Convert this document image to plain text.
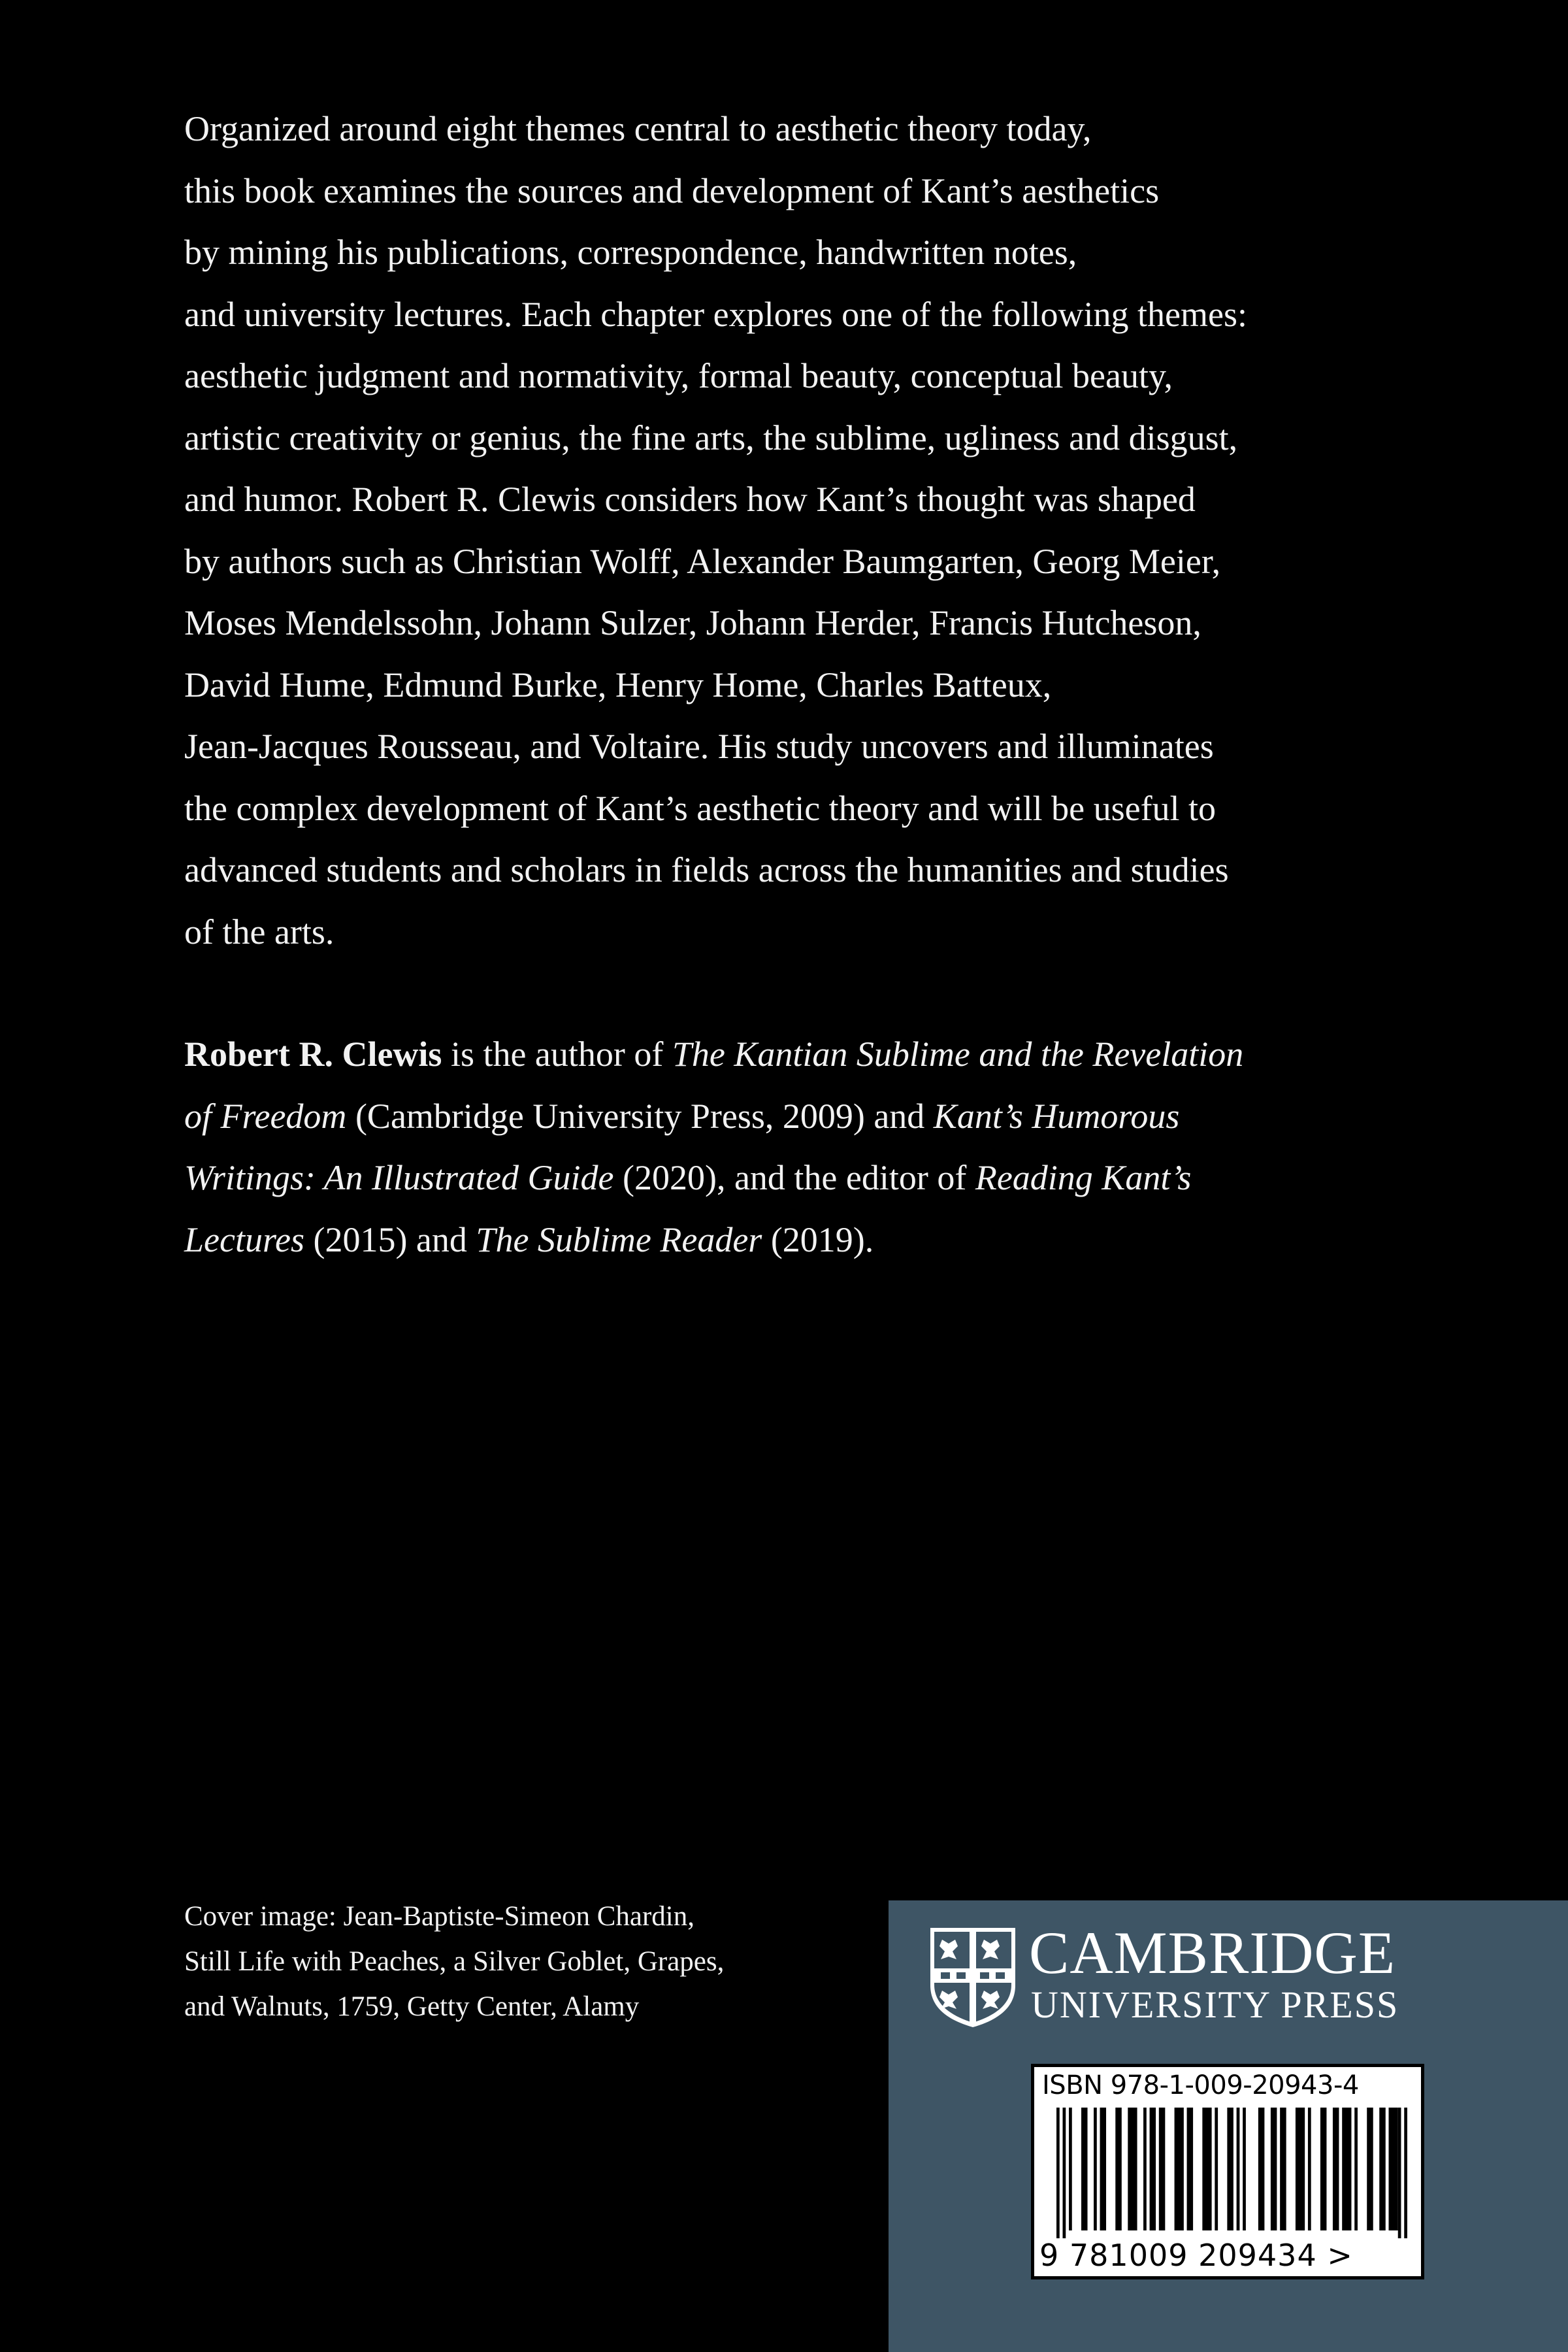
Organized around eight themes central to aesthetic theory today,
this book examines the sources and development of Kant’s aesthetics
by mining his publications, correspondence, handwritten notes,
and university lectures. Each chapter explores one of the following themes:
aesthetic judgment and normativity, formal beauty, conceptual beauty,
artistic creativity or genius, the fine arts, the sublime, ugliness and disgust,
and humor. Robert R. Clewis considers how Kant’s thought was shaped
by authors such as Christian Wolff, Alexander Baumgarten, Georg Meier,
Moses Mendelssohn, Johann Sulzer, Johann Herder, Francis Hutcheson,
David Hume, Edmund Burke, Henry Home, Charles Batteux,
Jean-Jacques Rousseau, and Voltaire. His study uncovers and illuminates
the complex development of Kant’s aesthetic theory and will be useful to
advanced students and scholars in fields across the humanities and studies
of the arts.
Robert R. Clewis is the author of The Kantian Sublime and the Revelation
of Freedom (Cambridge University Press, 2009) and Kant’s Humorous
Writings: An Illustrated Guide (2020), and the editor of Reading Kant’s
Lectures (2015) and The Sublime Reader (2019).
Cover image: Jean-Baptiste-Simeon Chardin,
Still Life with Peaches, a Silver Goblet, Grapes,
and Walnuts, 1759, Getty Center, Alamy
CAMBRIDGE
UNIVERSITY PRESS
ISBN 978-1-009-20943-4
9 781009 209434 >
